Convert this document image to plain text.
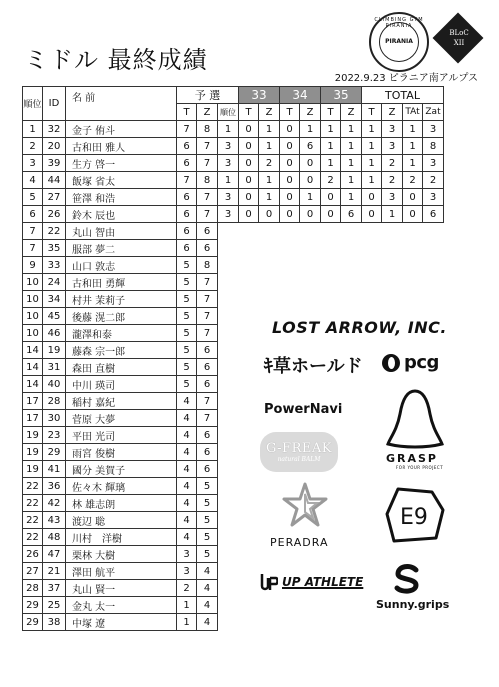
ミドル 最終成績
2022.9.23 ピラニア南アルプス
CLIMBING GYM PIRANIA
PIRANIA
BLoC
XII
順位	ID	名 前	予 選			33		34		35		TOTAL			
			T	Z	順位	T	Z	T	Z	T	Z	T	Z	TAt	Zat
1	32	金子 侑斗	7	8	1	0	1	0	1	1	1	1	3	1	3
2	20	古和田 雅人	6	7	3	0	1	0	6	1	1	1	3	1	8
3	39	生方 啓一	6	7	3	0	2	0	0	1	1	1	2	1	3
4	44	飯塚 省太	7	8	1	0	1	0	0	2	1	1	2	2	2
5	27	笹澤 和浩	6	7	3	0	1	0	1	0	1	0	3	0	3
6	26	鈴木 辰也	6	7	3	0	0	0	0	0	6	0	1	0	6
7	22	丸山 智由	6	6											
7	35	服部 夢二	6	6											
9	33	山口 敦志	5	8											
10	24	古和田 勇輝	5	7											
10	34	村井 茉莉子	5	7											
10	45	後藤 滉二郎	5	7											
10	46	瀧澤和泰	5	7											
14	19	藤森 宗一郎	5	6											
14	31	森田 直樹	5	6											
14	40	中川 瑛司	5	6											
17	28	稲村 嘉紀	4	7											
17	30	菅原 大夢	4	7											
19	23	平田 光司	4	6											
19	29	雨宮 俊樹	4	6											
19	41	國分 美賀子	4	6											
22	36	佐々木 輝璃	4	5											
22	42	林 雄志朗	4	5											
22	43	渡辺 聡	4	5											
22	48	川村　洋樹	4	5											
26	47	栗林 大樹	3	5											
27	21	澤田 航平	3	4											
28	37	丸山 賢一	2	4											
29	25	金丸 太一	1	4											
29	38	中塚 遼	1	4											
LOST ARROW, INC.
ｷ草ホールド pcg
PowerNavi
GRASP
FOR YOUR PROJECT
G-FREAK
natural BALM
PERADRA
E9
UP ATHLETE
Sunny.grips
